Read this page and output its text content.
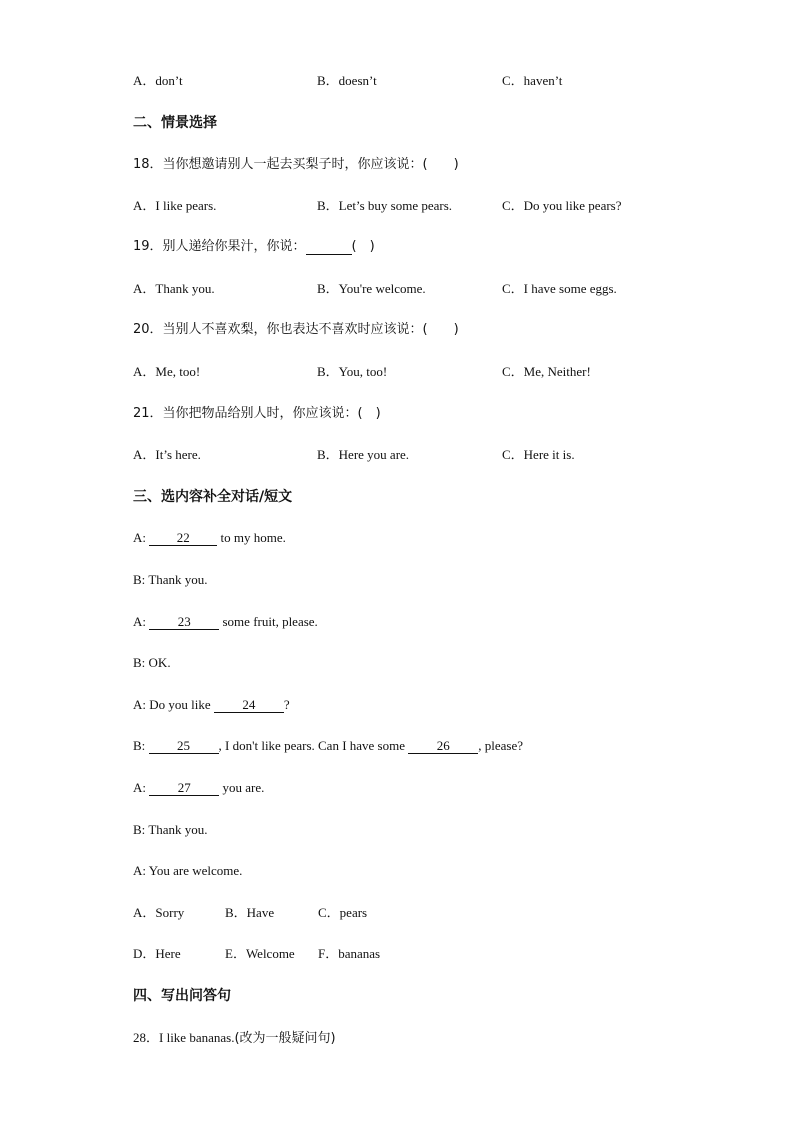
A．don’t	B．doesn’t	C．haven’t
二、情景选择
18．当你想邀请别人一起去买梨子时，你应该说：(　　)
A．I like pears.	B．Let’s buy some pears.	C．Do you like pears?
19．别人递给你果汁，你说：	(　)
A．Thank you.	B．You're welcome.	C．I have some eggs.
20．当别人不喜欢梨，你也表达不喜欢时应该说：(　　)
A．Me, too!	B．You, too!	C．Me, Neither!
21．当你把物品给别人时，你应该说：(　)
A．It’s here.	B．Here you are.	C．Here it is.
三、选内容补全对话/短文
A: 22 to my home.
B: Thank you.
A: 23 some fruit, please.
B: OK.
A: Do you like 24 ?
B: 25 , I don't like pears. Can I have some 26 , please?
A: 27 you are.
B: Thank you.
A: You are welcome.
A．Sorry	B．Have	C．pears
D．Here	E．Welcome F．bananas
四、写出问答句
28．I like bananas.(改为一般疑问句)
